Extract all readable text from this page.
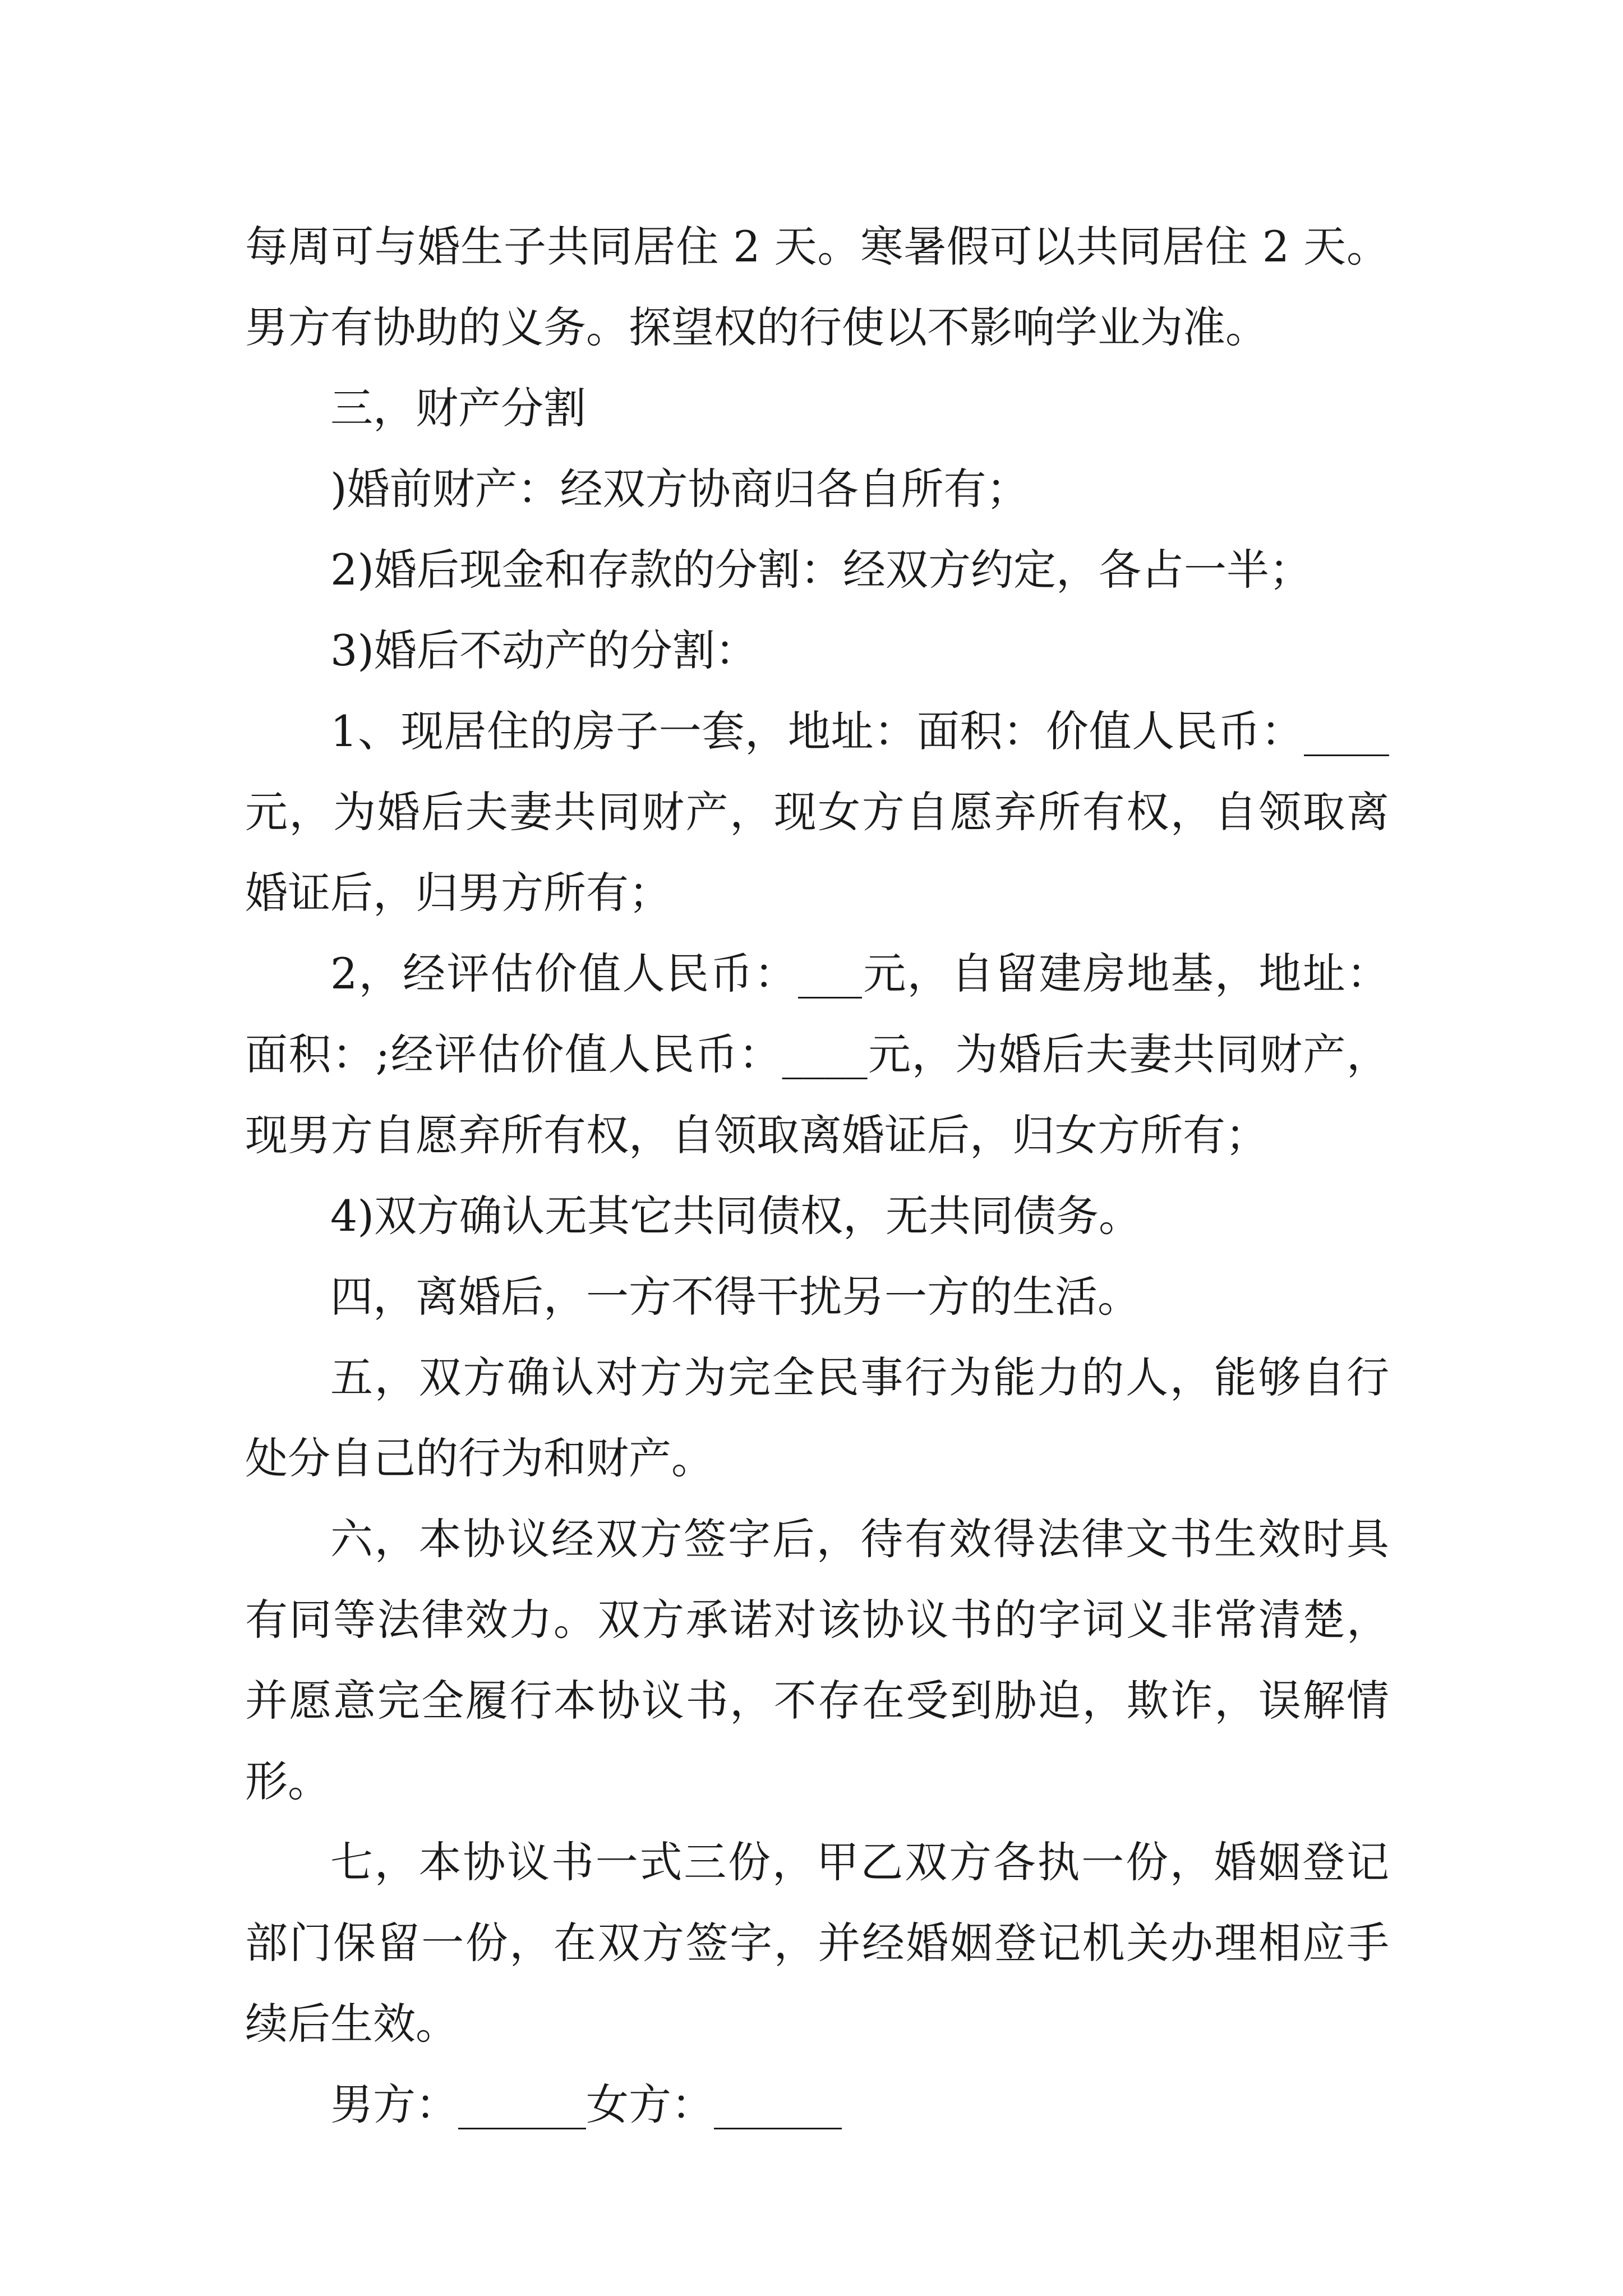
每周可与婚生子共同居住 2 天。寒暑假可以共同居住 2 天。男方有协助的义务。探望权的行使以不影响学业为准。

三，财产分割

)婚前财产：经双方协商归各自所有；

2)婚后现金和存款的分割：经双方约定，各占一半；

3)婚后不动产的分割：

1、现居住的房子一套，地址：面积：价值人民币：____元，为婚后夫妻共同财产，现女方自愿弃所有权，自领取离婚证后，归男方所有；

2，经评估价值人民币：___元，自留建房地基，地址：面积：;经评估价值人民币：____元，为婚后夫妻共同财产，现男方自愿弃所有权，自领取离婚证后，归女方所有；

4)双方确认无其它共同债权，无共同债务。

四，离婚后，一方不得干扰另一方的生活。

五，双方确认对方为完全民事行为能力的人，能够自行处分自己的行为和财产。

六，本协议经双方签字后，待有效得法律文书生效时具有同等法律效力。双方承诺对该协议书的字词义非常清楚，并愿意完全履行本协议书，不存在受到胁迫，欺诈，误解情形。

七，本协议书一式三份，甲乙双方各执一份，婚姻登记部门保留一份，在双方签字，并经婚姻登记机关办理相应手续后生效。

男方：______女方：______
